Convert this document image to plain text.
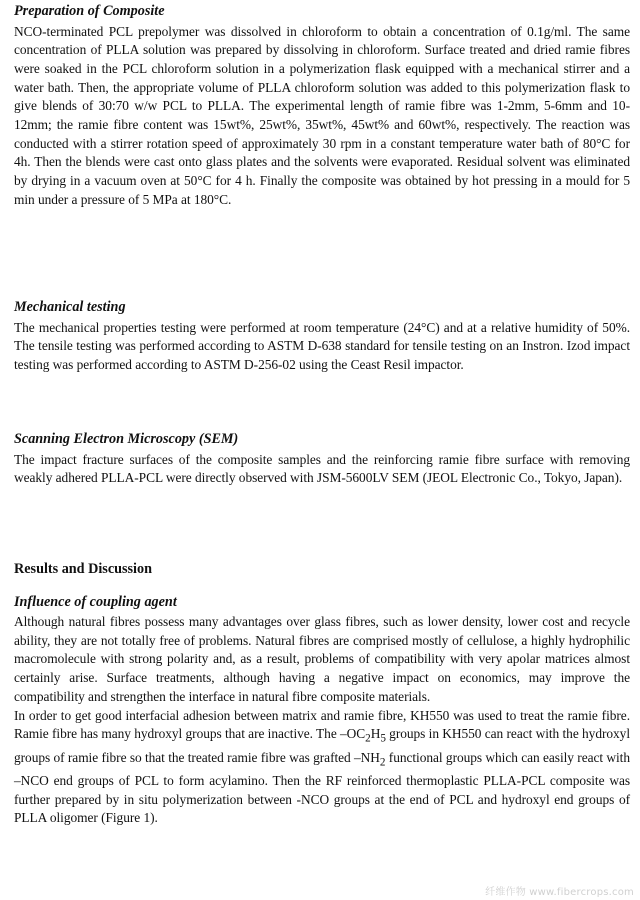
Preparation of Composite

NCO-terminated PCL prepolymer was dissolved in chloroform to obtain a concentration of 0.1g/ml. The same concentration of PLLA solution was prepared by dissolving in chloroform. Surface treated and dried ramie fibres were soaked in the PCL chloroform solution in a polymerization flask equipped with a mechanical stirrer and a water bath. Then, the appropriate volume of PLLA chloroform solution was added to this polymerization flask to give blends of 30:70 w/w PCL to PLLA. The experimental length of ramie fibre was 1-2mm, 5-6mm and 10-12mm; the ramie fibre content was 15wt%, 25wt%, 35wt%, 45wt% and 60wt%, respectively. The reaction was conducted with a stirrer rotation speed of approximately 30 rpm in a constant temperature water bath of 80°C for 4h. Then the blends were cast onto glass plates and the solvents were evaporated. Residual solvent was eliminated by drying in a vacuum oven at 50°C for 4 h. Finally the composite was obtained by hot pressing in a mould for 5 min under a pressure of 5 MPa at 180°C.

Mechanical testing

The mechanical properties testing were performed at room temperature (24°C) and at a relative humidity of 50%. The tensile testing was performed according to ASTM D-638 standard for tensile testing on an Instron. Izod impact testing was performed according to ASTM D-256-02 using the Ceast Resil impactor.

Scanning Electron Microscopy (SEM)

The impact fracture surfaces of the composite samples and the reinforcing ramie fibre surface with removing weakly adhered PLLA-PCL were directly observed with JSM-5600LV SEM (JEOL Electronic Co., Tokyo, Japan).

Results and Discussion

Influence of coupling agent

Although natural fibres possess many advantages over glass fibres, such as lower density, lower cost and recycle ability, they are not totally free of problems. Natural fibres are comprised mostly of cellulose, a highly hydrophilic macromolecule with strong polarity and, as a result, problems of compatibility with very apolar matrices almost certainly arise. Surface treatments, although having a negative impact on economics, may improve the compatibility and strengthen the interface in natural fibre composite materials.

In order to get good interfacial adhesion between matrix and ramie fibre, KH550 was used to treat the ramie fibre. Ramie fibre has many hydroxyl groups that are inactive. The $-OC_2H_5$ groups in KH550 can react with the hydroxyl groups of ramie fibre so that the treated ramie fibre was grafted $-NH_2$ functional groups which can easily react with –NCO end groups of PCL to form acylamino. Then the RF reinforced thermoplastic PLLA-PCL composite was further prepared by in situ polymerization between -NCO groups at the end of PCL and hydroxyl end groups of PLLA oligomer (Figure 1).

纤维作物 www.fibercrops.com
